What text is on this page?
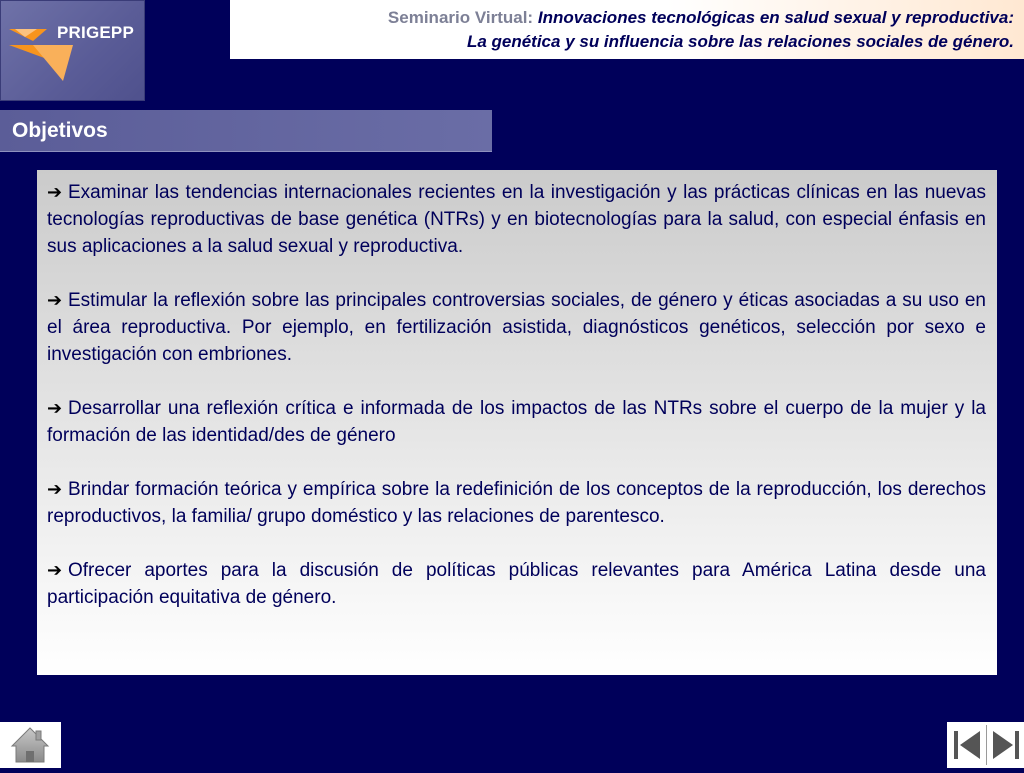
PRIGEPP
Seminario Virtual: Innovaciones tecnológicas en salud sexual y reproductiva:
La genética y su influencia sobre las relaciones sociales de género.
Objetivos

➔ Examinar las tendencias internacionales recientes en la investigación y las prácticas clínicas en las nuevas tecnologías reproductivas de base genética (NTRs) y en biotecnologías para la salud, con especial énfasis en sus aplicaciones a la salud sexual y reproductiva.

➔ Estimular la reflexión sobre las principales controversias sociales, de género y éticas asociadas a su uso en el área reproductiva. Por ejemplo, en fertilización asistida, diagnósticos genéticos, selección por sexo e investigación con embriones.

➔ Desarrollar una reflexión crítica e informada de los impactos de las NTRs sobre el cuerpo de la mujer y la formación de las identidad/des de género

➔ Brindar formación teórica y empírica sobre la redefinición de los conceptos de la reproducción, los derechos reproductivos, la familia/ grupo doméstico y las relaciones de parentesco.

➔ Ofrecer aportes para la discusión de políticas públicas relevantes para América Latina desde una participación equitativa de género.
